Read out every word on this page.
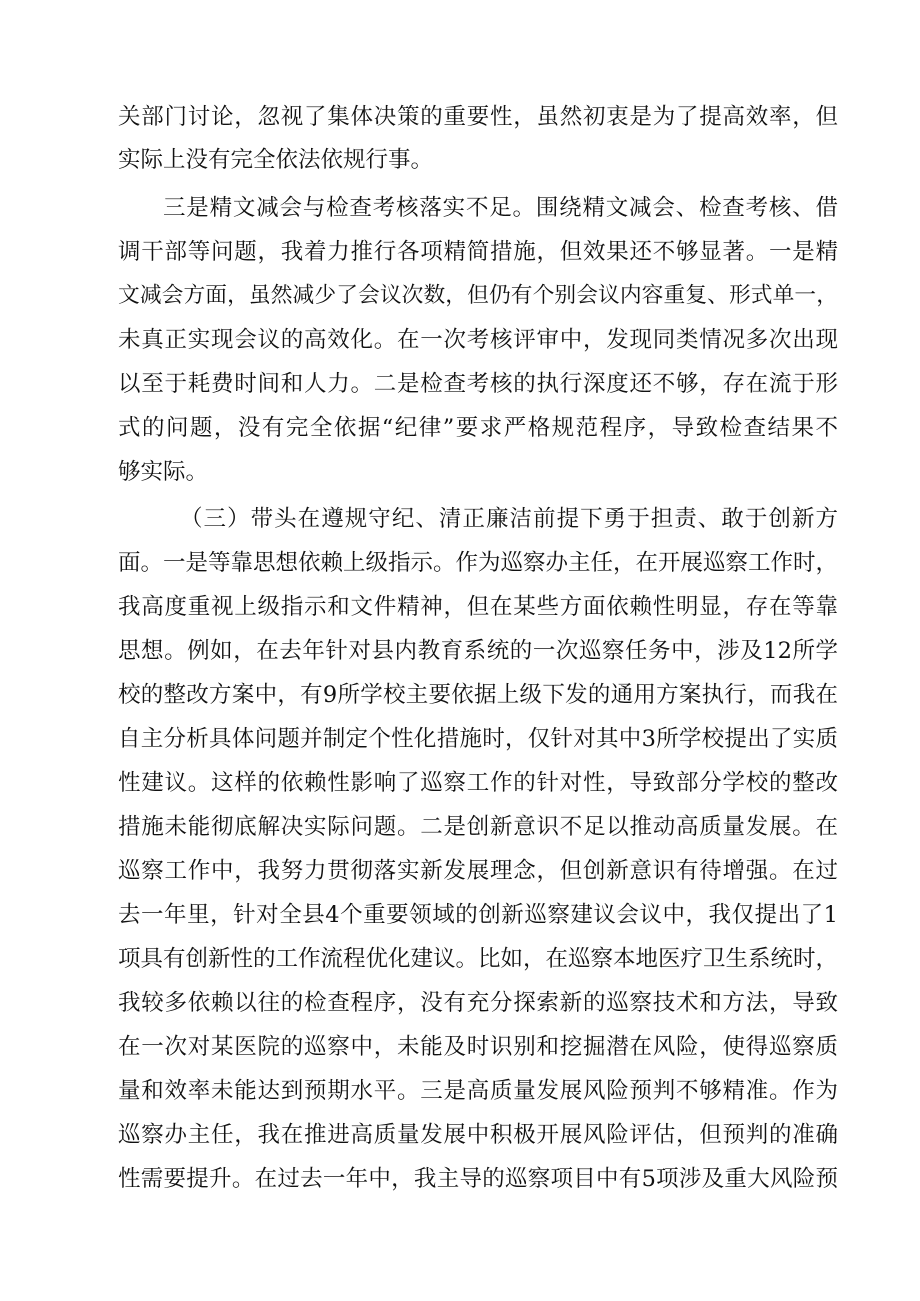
关部门讨论，忽视了集体决策的重要性，虽然初衷是为了提高效率，但

实际上没有完全依法依规行事。

三是精文减会与检查考核落实不足。围绕精文减会、检查考核、借

调干部等问题，我着力推行各项精简措施，但效果还不够显著。一是精

文减会方面，虽然减少了会议次数，但仍有个别会议内容重复、形式单一，

未真正实现会议的高效化。在一次考核评审中，发现同类情况多次出现

以至于耗费时间和人力。二是检查考核的执行深度还不够，存在流于形

式的问题，没有完全依据“纪律”要求严格规范程序，导致检查结果不

够实际。

（三）带头在遵规守纪、清正廉洁前提下勇于担责、敢于创新方

面。一是等靠思想依赖上级指示。作为巡察办主任，在开展巡察工作时，

我高度重视上级指示和文件精神，但在某些方面依赖性明显，存在等靠

思想。例如，在去年针对县内教育系统的一次巡察任务中，涉及12所学

校的整改方案中，有9所学校主要依据上级下发的通用方案执行，而我在

自主分析具体问题并制定个性化措施时，仅针对其中3所学校提出了实质

性建议。这样的依赖性影响了巡察工作的针对性，导致部分学校的整改

措施未能彻底解决实际问题。二是创新意识不足以推动高质量发展。在

巡察工作中，我努力贯彻落实新发展理念，但创新意识有待增强。在过

去一年里，针对全县4个重要领域的创新巡察建议会议中，我仅提出了1

项具有创新性的工作流程优化建议。比如，在巡察本地医疗卫生系统时，

我较多依赖以往的检查程序，没有充分探索新的巡察技术和方法，导致

在一次对某医院的巡察中，未能及时识别和挖掘潜在风险，使得巡察质

量和效率未能达到预期水平。三是高质量发展风险预判不够精准。作为

巡察办主任，我在推进高质量发展中积极开展风险评估，但预判的准确

性需要提升。在过去一年中，我主导的巡察项目中有5项涉及重大风险预
